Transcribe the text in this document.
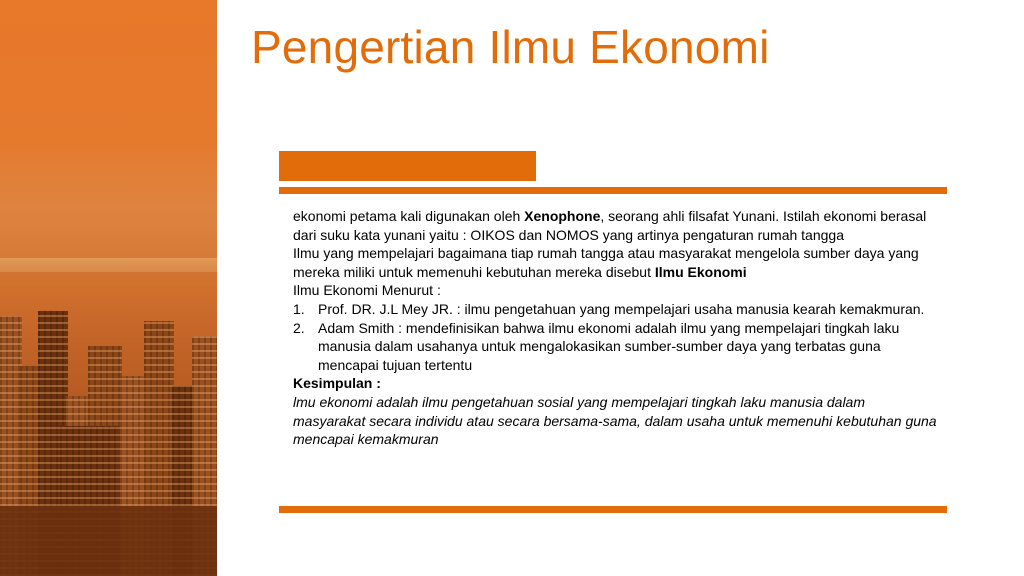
Pengertian Ilmu Ekonomi

ekonomi petama kali digunakan oleh Xenophone, seorang ahli filsafat Yunani. Istilah ekonomi berasal dari suku kata yunani yaitu : OIKOS dan NOMOS yang artinya pengaturan rumah tangga

Ilmu yang mempelajari bagaimana tiap rumah tangga atau masyarakat mengelola sumber daya yang mereka miliki untuk memenuhi kebutuhan mereka disebut Ilmu Ekonomi

Ilmu Ekonomi Menurut :

1. Prof. DR. J.L Mey JR. : ilmu pengetahuan yang mempelajari usaha manusia kearah kemakmuran.
2. Adam Smith : mendefinisikan bahwa ilmu ekonomi adalah ilmu yang mempelajari tingkah laku manusia dalam usahanya untuk mengalokasikan sumber-sumber daya yang terbatas guna mencapai tujuan tertentu

Kesimpulan :

lmu ekonomi adalah ilmu pengetahuan sosial yang mempelajari tingkah laku manusia dalam masyarakat secara individu atau secara bersama-sama, dalam usaha untuk memenuhi kebutuhan guna mencapai kemakmuran
